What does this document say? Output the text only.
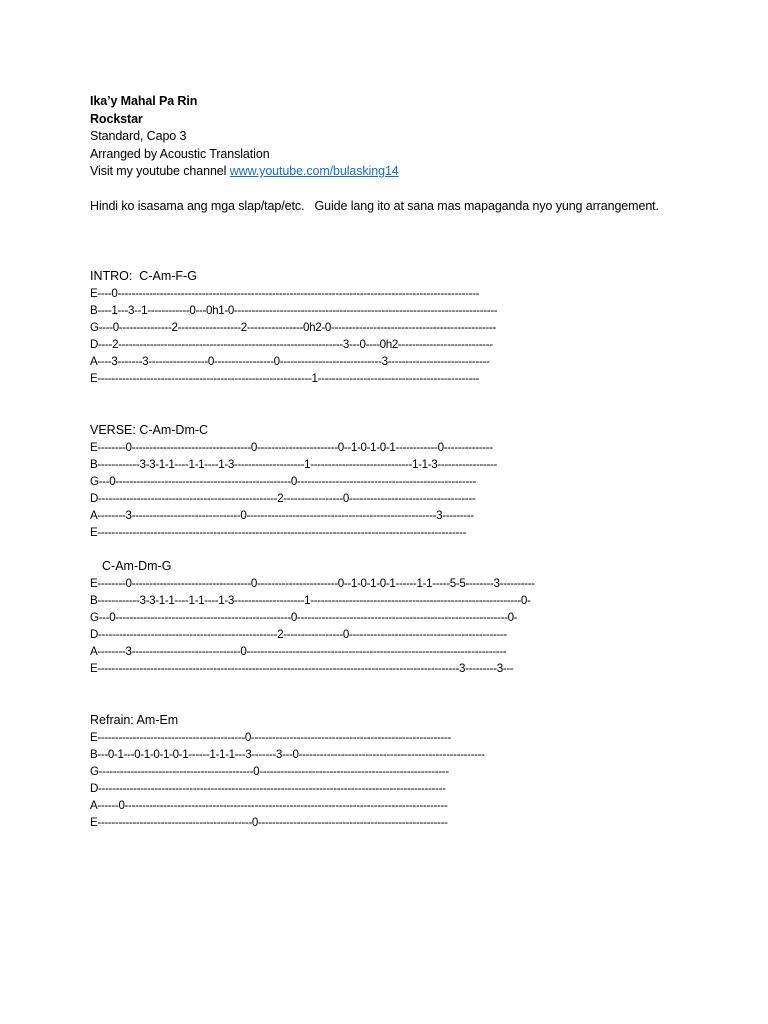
Ika’y Mahal Pa Rin
Rockstar
Standard, Capo 3
Arranged by Acoustic Translation
Visit my youtube channel www.youtube.com/bulasking14
Hindi ko isasama ang mga slap/tap/etc.   Guide lang ito at sana mas mapaganda nyo yung arrangement.
INTRO:  C-Am-F-G
E----0-------------------------------------------------------------------------------------------------------
B----1---3--1------------0---0h1-0---------------------------------------------------------------------------
G----0---------------2------------------2----------------0h2-0-----------------------------------------------
D----2----------------------------------------------------------------3---0----0h2---------------------------
A----3-------3-----------------0-----------------0-----------------------------3-----------------------------
E-------------------------------------------------------------1----------------------------------------------
VERSE: C-Am-Dm-C
E--------0----------------------------------0-----------------------0--1-0-1-0-1------------0--------------
B------------3-3-1-1----1-1----1-3--------------------1-----------------------------1-1-3-----------------
G---0--------------------------------------------------0---------------------------------------------------
D---------------------------------------------------2-----------------0------------------------------------
A--------3-------------------------------0------------------------------------------------------3---------
E---------------------------------------------------------------------------------------------------------
C-Am-Dm-G
E--------0----------------------------------0-----------------------0--1-0-1-0-1------1-1-----5-5--------3----------
B------------3-3-1-1----1-1----1-3--------------------1------------------------------------------------------------0-
G---0--------------------------------------------------0------------------------------------------------------------0-
D---------------------------------------------------2-----------------0---------------------------------------------
A--------3-------------------------------0--------------------------------------------------------------------------
E-------------------------------------------------------------------------------------------------------3---------3---
Refrain: Am-Em
E------------------------------------------0---------------------------------------------------------
B---0-1---0-1-0-1-0-1------1-1-1---3-------3---0-----------------------------------------------------
G--------------------------------------------0------------------------------------------------------
D---------------------------------------------------------------------------------------------------
A------0--------------------------------------------------------------------------------------------
E--------------------------------------------0------------------------------------------------------
